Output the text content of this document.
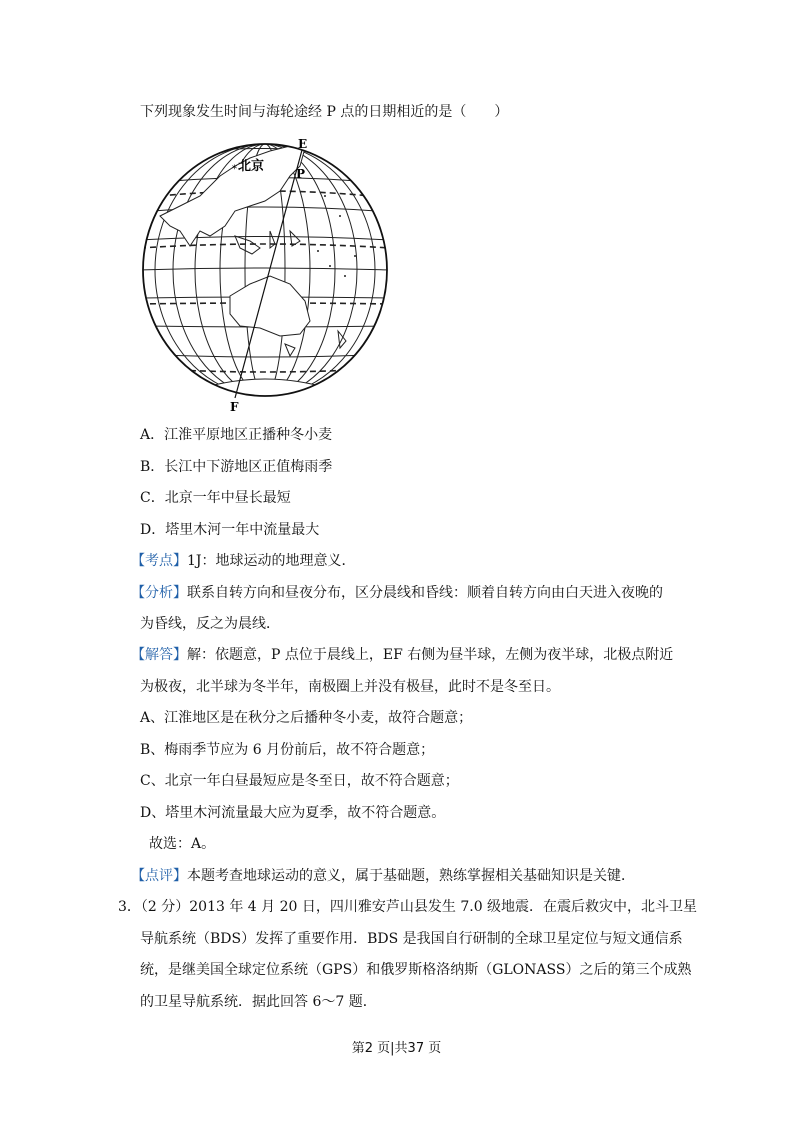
下列现象发生时间与海轮途经 P 点的日期相近的是（　　）
E
P
F
北京
*
A．江淮平原地区正播种冬小麦
B．长江中下游地区正值梅雨季
C．北京一年中昼长最短
D．塔里木河一年中流量最大
【考点】1J：地球运动的地理意义．
【分析】联系自转方向和昼夜分布，区分晨线和昏线：顺着自转方向由白天进入夜晚的
为昏线，反之为晨线．
【解答】解：依题意，P 点位于晨线上，EF 右侧为昼半球，左侧为夜半球，北极点附近
为极夜，北半球为冬半年，南极圈上并没有极昼，此时不是冬至日。
A、江淮地区是在秋分之后播种冬小麦，故符合题意；
B、梅雨季节应为 6 月份前后，故不符合题意；
C、北京一年白昼最短应是冬至日，故不符合题意；
D、塔里木河流量最大应为夏季，故不符合题意。
故选：A。
【点评】本题考查地球运动的意义，属于基础题，熟练掌握相关基础知识是关键．
3．（2 分）2013 年 4 月 20 日，四川雅安芦山县发生 7.0 级地震．在震后救灾中，北斗卫星
导航系统（BDS）发挥了重要作用．BDS 是我国自行研制的全球卫星定位与短文通信系
统，是继美国全球定位系统（GPS）和俄罗斯格洛纳斯（GLONASS）之后的第三个成熟
的卫星导航系统．据此回答 6～7 题．
第2 页|共37 页
